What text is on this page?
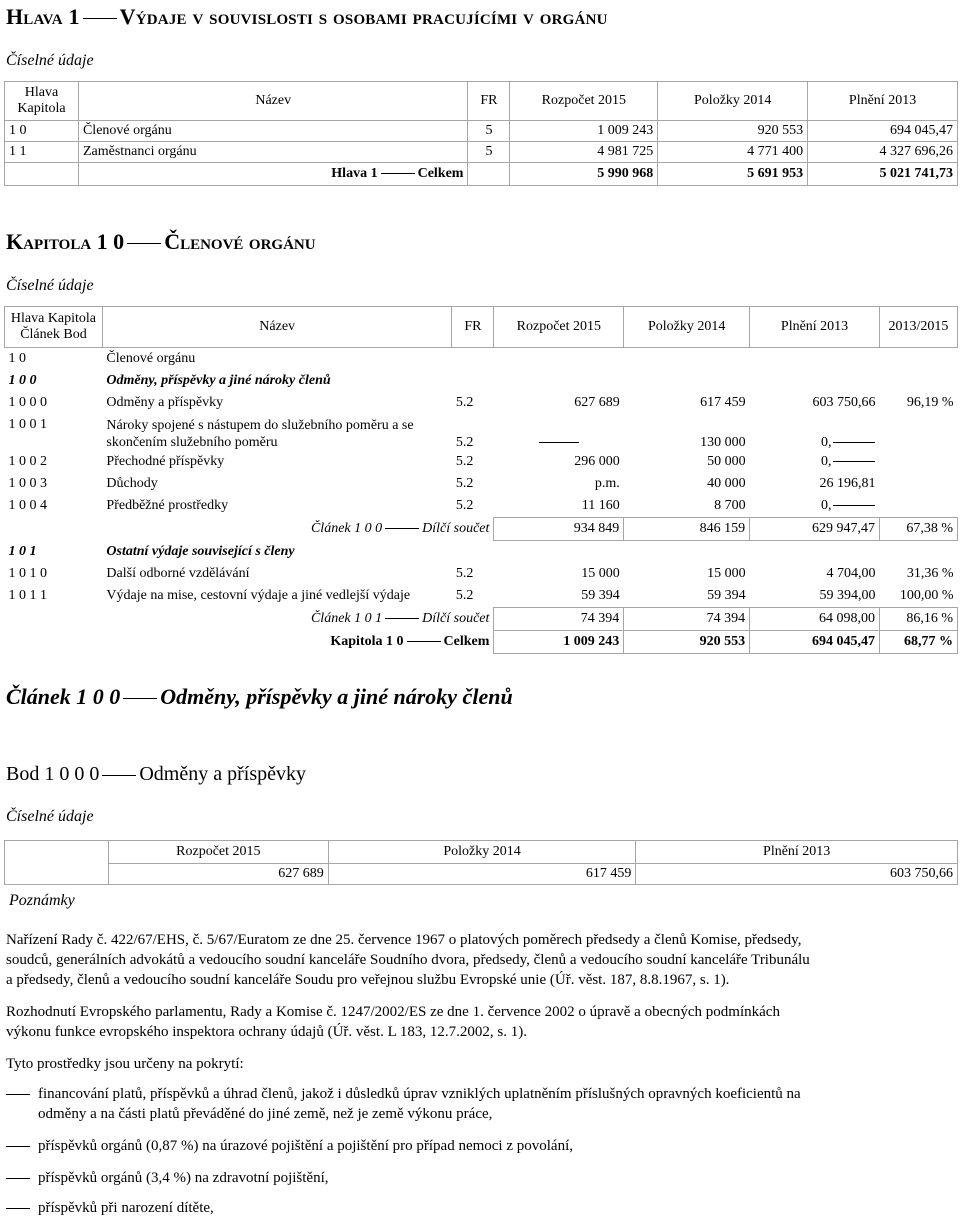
Hlava 1 Výdaje v souvislosti s osobami pracujícími v orgánu
Číselné údaje
Hlava
Kapitola	Název	FR	Rozpočet 2015	Položky 2014	Plnění 2013
1 0	Členové orgánu	5	1 009 243	920 553	694 045,47
1 1	Zaměstnanci orgánu	5	4 981 725	4 771 400	4 327 696,26
	Hlava 1 Celkem		5 990 968	5 691 953	5 021 741,73
Kapitola 1 0 Členové orgánu
Číselné údaje
Hlava Kapitola
Článek Bod	Název	FR	Rozpočet 2015	Položky 2014	Plnění 2013	2013/2015
1 0	Členové orgánu					
1 0 0	Odměny, příspěvky a jiné nároky členů					
1 0 0 0	Odměny a příspěvky	5.2	627 689	617 459	603 750,66	96,19 %
1 0 0 1	Nároky spojené s nástupem do služebního poměru a se
skončením služebního poměru	5.2		130 000	0,	
1 0 0 2	Přechodné příspěvky	5.2	296 000	50 000	0,	
1 0 0 3	Důchody	5.2	p.m.	40 000	26 196,81	
1 0 0 4	Předběžné prostředky	5.2	11 160	8 700	0,	
	Článek 1 0 0 Dílčí součet		934 849	846 159	629 947,47	67,38 %
1 0 1	Ostatní výdaje související s členy					
1 0 1 0	Další odborné vzdělávání	5.2	15 000	15 000	4 704,00	31,36 %
1 0 1 1	Výdaje na mise, cestovní výdaje a jiné vedlejší výdaje	5.2	59 394	59 394	59 394,00	100,00 %
	Článek 1 0 1 Dílčí součet		74 394	74 394	64 098,00	86,16 %
	Kapitola 1 0 Celkem		1 009 243	920 553	694 045,47	68,77 %
Článek 1 0 0 Odměny, příspěvky a jiné nároky členů
Bod 1 0 0 0 Odměny a příspěvky
Číselné údaje
Poznámky	Rozpočet 2015	Položky 2014	Plnění 2013
	627 689	617 459	603 750,66
Nařízení Rady č. 422/67/EHS, č. 5/67/Euratom ze dne 25. července 1967 o platových poměrech předsedy a členů Komise, předsedy,
soudců, generálních advokátů a vedoucího soudní kanceláře Soudního dvora, předsedy, členů a vedoucího soudní kanceláře Tribunálu
a předsedy, členů a vedoucího soudní kanceláře Soudu pro veřejnou službu Evropské unie (Úř. věst. 187, 8.8.1967, s. 1).
Rozhodnutí Evropského parlamentu, Rady a Komise č. 1247/2002/ES ze dne 1. července 2002 o úpravě a obecných podmínkách
výkonu funkce evropského inspektora ochrany údajů (Úř. věst. L 183, 12.7.2002, s. 1).
Tyto prostředky jsou určeny na pokrytí:
financování platů, příspěvků a úhrad členů, jakož i důsledků úprav vzniklých uplatněním příslušných opravných koeficientů na
odměny a na části platů převáděné do jiné země, než je země výkonu práce,
příspěvků orgánů (0,87 %) na úrazové pojištění a pojištění pro případ nemoci z povolání,
příspěvků orgánů (3,4 %) na zdravotní pojištění,
příspěvků při narození dítěte,
